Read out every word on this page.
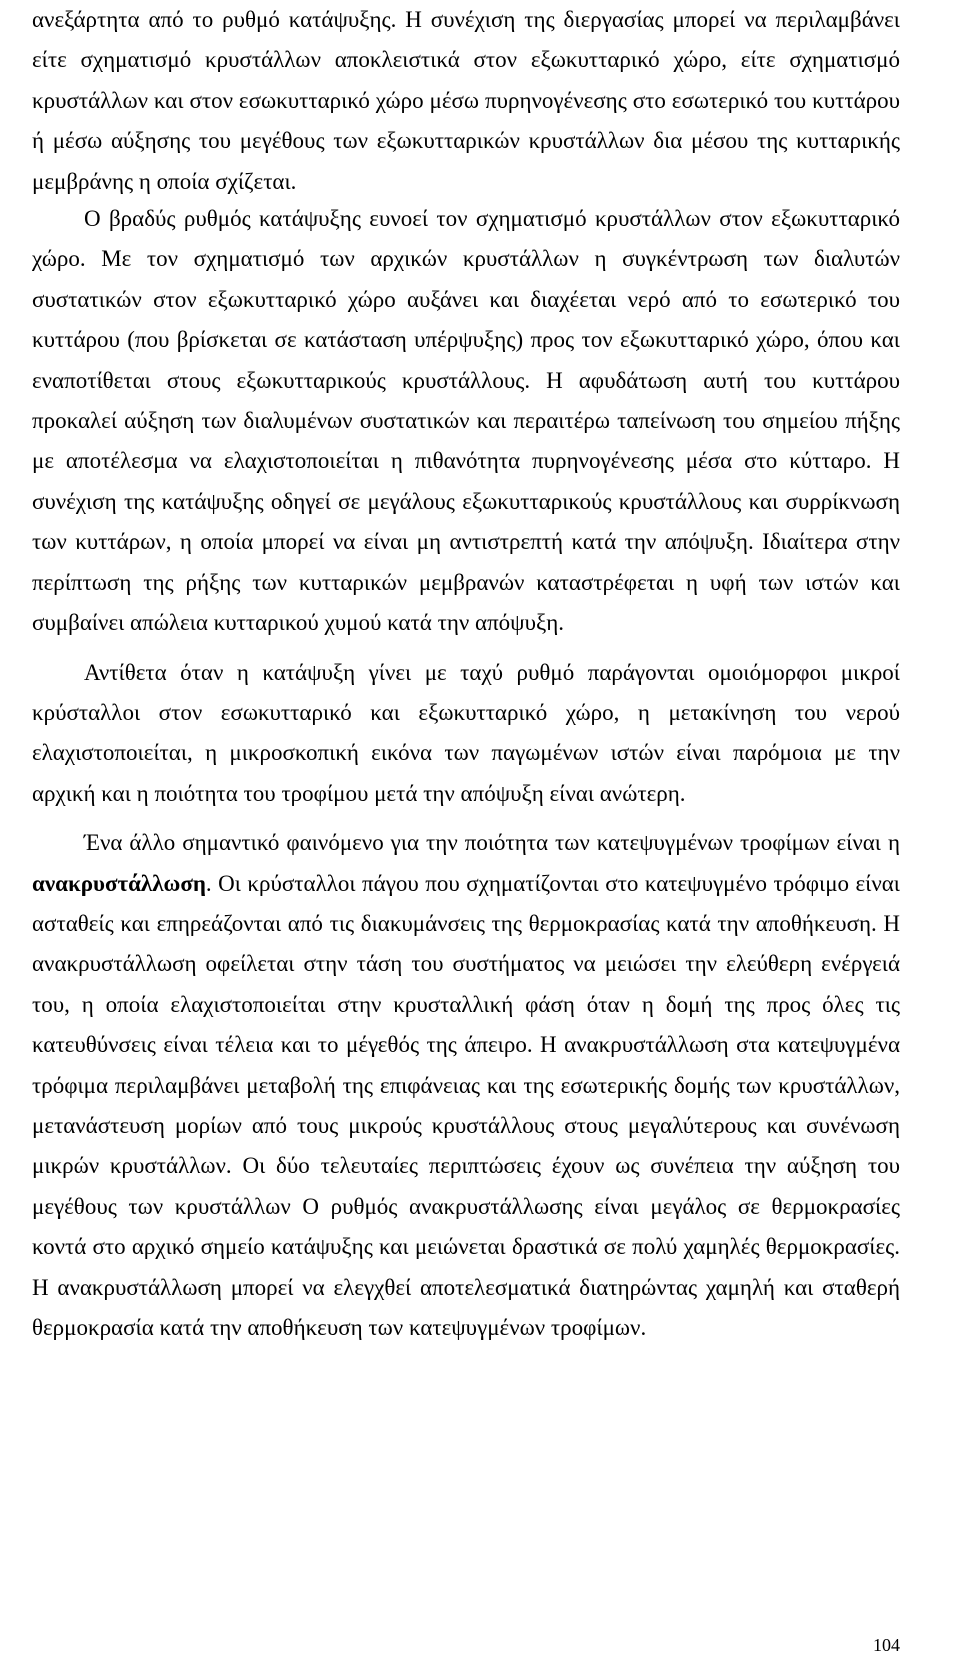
ανεξάρτητα από το ρυθμό κατάψυξης. Η συνέχιση της διεργασίας μπορεί να περιλαμβάνει είτε σχηματισμό κρυστάλλων αποκλειστικά στον εξωκυτταρικό χώρο, είτε σχηματισμό κρυστάλλων και στον εσωκυτταρικό χώρο μέσω πυρηνογένεσης στο εσωτερικό του κυττάρου ή μέσω αύξησης του μεγέθους των εξωκυτταρικών κρυστάλλων δια μέσου της κυτταρικής μεμβράνης η οποία σχίζεται.

Ο βραδύς ρυθμός κατάψυξης ευνοεί τον σχηματισμό κρυστάλλων στον εξωκυτταρικό χώρο. Με τον σχηματισμό των αρχικών κρυστάλλων η συγκέντρωση των διαλυτών συστατικών στον εξωκυτταρικό χώρο αυξάνει και διαχέεται νερό από το εσωτερικό του κυττάρου (που βρίσκεται σε κατάσταση υπέρψυξης) προς τον εξωκυτταρικό χώρο, όπου και εναποτίθεται στους εξωκυτταρικούς κρυστάλλους. Η αφυδάτωση αυτή του κυττάρου προκαλεί αύξηση των διαλυμένων συστατικών και περαιτέρω ταπείνωση του σημείου πήξης με αποτέλεσμα να ελαχιστοποιείται η πιθανότητα πυρηνογένεσης μέσα στο κύτταρο. Η συνέχιση της κατάψυξης οδηγεί σε μεγάλους εξωκυτταρικούς κρυστάλλους και συρρίκνωση των κυττάρων, η οποία μπορεί να είναι μη αντιστρεπτή κατά την απόψυξη. Ιδιαίτερα στην περίπτωση της ρήξης των κυτταρικών μεμβρανών καταστρέφεται η υφή των ιστών και συμβαίνει απώλεια κυτταρικού χυμού κατά την απόψυξη.

Αντίθετα όταν η κατάψυξη γίνει με ταχύ ρυθμό παράγονται ομοιόμορφοι μικροί κρύσταλλοι στον εσωκυτταρικό και εξωκυτταρικό χώρο, η μετακίνηση του νερού ελαχιστοποιείται, η μικροσκοπική εικόνα των παγωμένων ιστών είναι παρόμοια με την αρχική και η ποιότητα του τροφίμου μετά την απόψυξη είναι ανώτερη.

Ένα άλλο σημαντικό φαινόμενο για την ποιότητα των κατεψυγμένων τροφίμων είναι η ανακρυστάλλωση. Οι κρύσταλλοι πάγου που σχηματίζονται στο κατεψυγμένο τρόφιμο είναι ασταθείς και επηρεάζονται από τις διακυμάνσεις της θερμοκρασίας κατά την αποθήκευση. Η ανακρυστάλλωση οφείλεται στην τάση του συστήματος να μειώσει την ελεύθερη ενέργειά του, η οποία ελαχιστοποιείται στην κρυσταλλική φάση όταν η δομή της προς όλες τις κατευθύνσεις είναι τέλεια και το μέγεθός της άπειρο. Η ανακρυστάλλωση στα κατεψυγμένα τρόφιμα περιλαμβάνει μεταβολή της επιφάνειας και της εσωτερικής δομής των κρυστάλλων, μετανάστευση μορίων από τους μικρούς κρυστάλλους στους μεγαλύτερους και συνένωση μικρών κρυστάλλων. Οι δύο τελευταίες περιπτώσεις έχουν ως συνέπεια την αύξηση του μεγέθους των κρυστάλλων Ο ρυθμός ανακρυστάλλωσης είναι μεγάλος σε θερμοκρασίες κοντά στο αρχικό σημείο κατάψυξης και μειώνεται δραστικά σε πολύ χαμηλές θερμοκρασίες. Η ανακρυστάλλωση μπορεί να ελεγχθεί αποτελεσματικά διατηρώντας χαμηλή και σταθερή θερμοκρασία κατά την αποθήκευση των κατεψυγμένων τροφίμων.

104
